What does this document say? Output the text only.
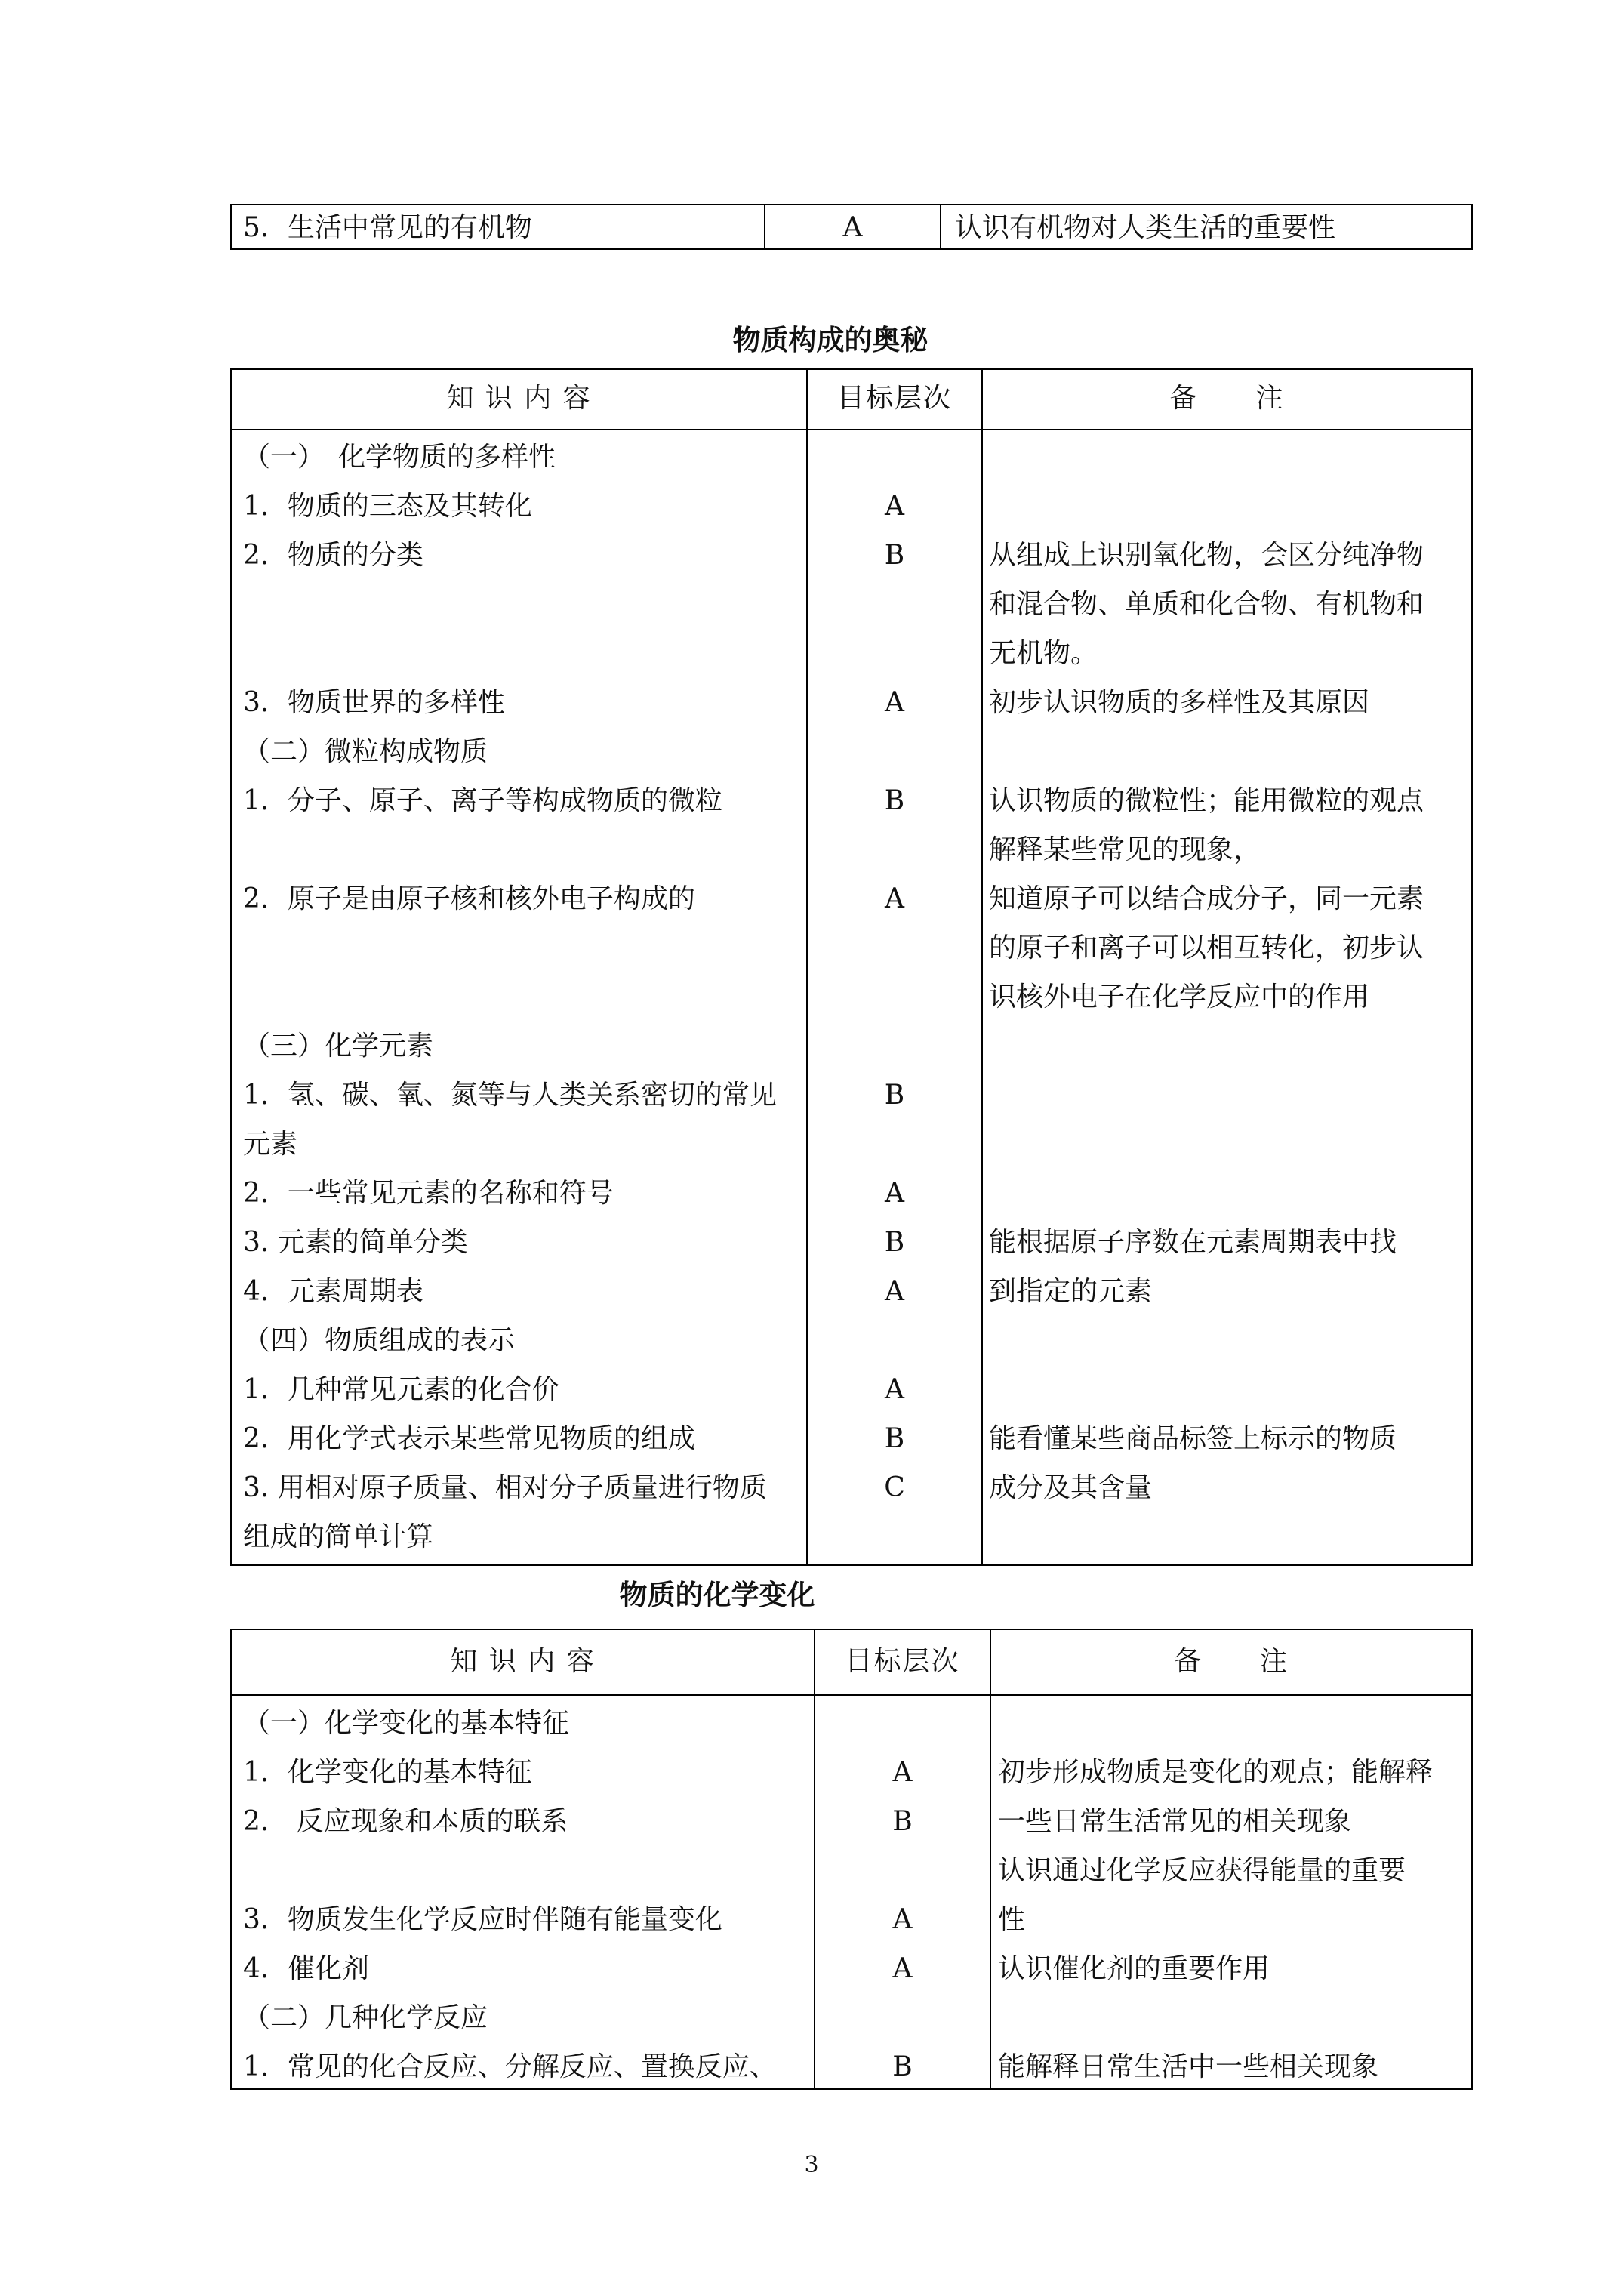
5．生活中常见的有机物	A	认识有机物对人类生活的重要性
物质构成的奥秘
知 识 内 容	目标层次	备　　注
（一）　化学物质的多样性
1．物质的三态及其转化	A
2．物质的分类	B	从组成上识别氧化物，会区分纯净物
和混合物、单质和化合物、有机物和
无机物。
3．物质世界的多样性	A	初步认识物质的多样性及其原因
（二）微粒构成物质
1．分子、原子、离子等构成物质的微粒	B	认识物质的微粒性；能用微粒的观点
解释某些常见的现象，
2．原子是由原子核和核外电子构成的	A	知道原子可以结合成分子，同一元素
的原子和离子可以相互转化，初步认
识核外电子在化学反应中的作用
（三）化学元素
1．氢、碳、氧、氮等与人类关系密切的常见	B
元素
2．一些常见元素的名称和符号	A
3. 元素的简单分类	B	能根据原子序数在元素周期表中找
4．元素周期表	A	到指定的元素
（四）物质组成的表示
1．几种常见元素的化合价	A
2．用化学式表示某些常见物质的组成	B	能看懂某些商品标签上标示的物质
3. 用相对原子质量、相对分子质量进行物质	C	成分及其含量
组成的简单计算
物质的化学变化
知 识 内 容	目标层次	备　　注
（一）化学变化的基本特征
1．化学变化的基本特征	A	初步形成物质是变化的观点；能解释
2.　反应现象和本质的联系	B	一些日常生活常见的相关现象
认识通过化学反应获得能量的重要
3．物质发生化学反应时伴随有能量变化	A	性
4．催化剂	A	认识催化剂的重要作用
（二）几种化学反应
1．常见的化合反应、分解反应、置换反应、	B	能解释日常生活中一些相关现象
3
